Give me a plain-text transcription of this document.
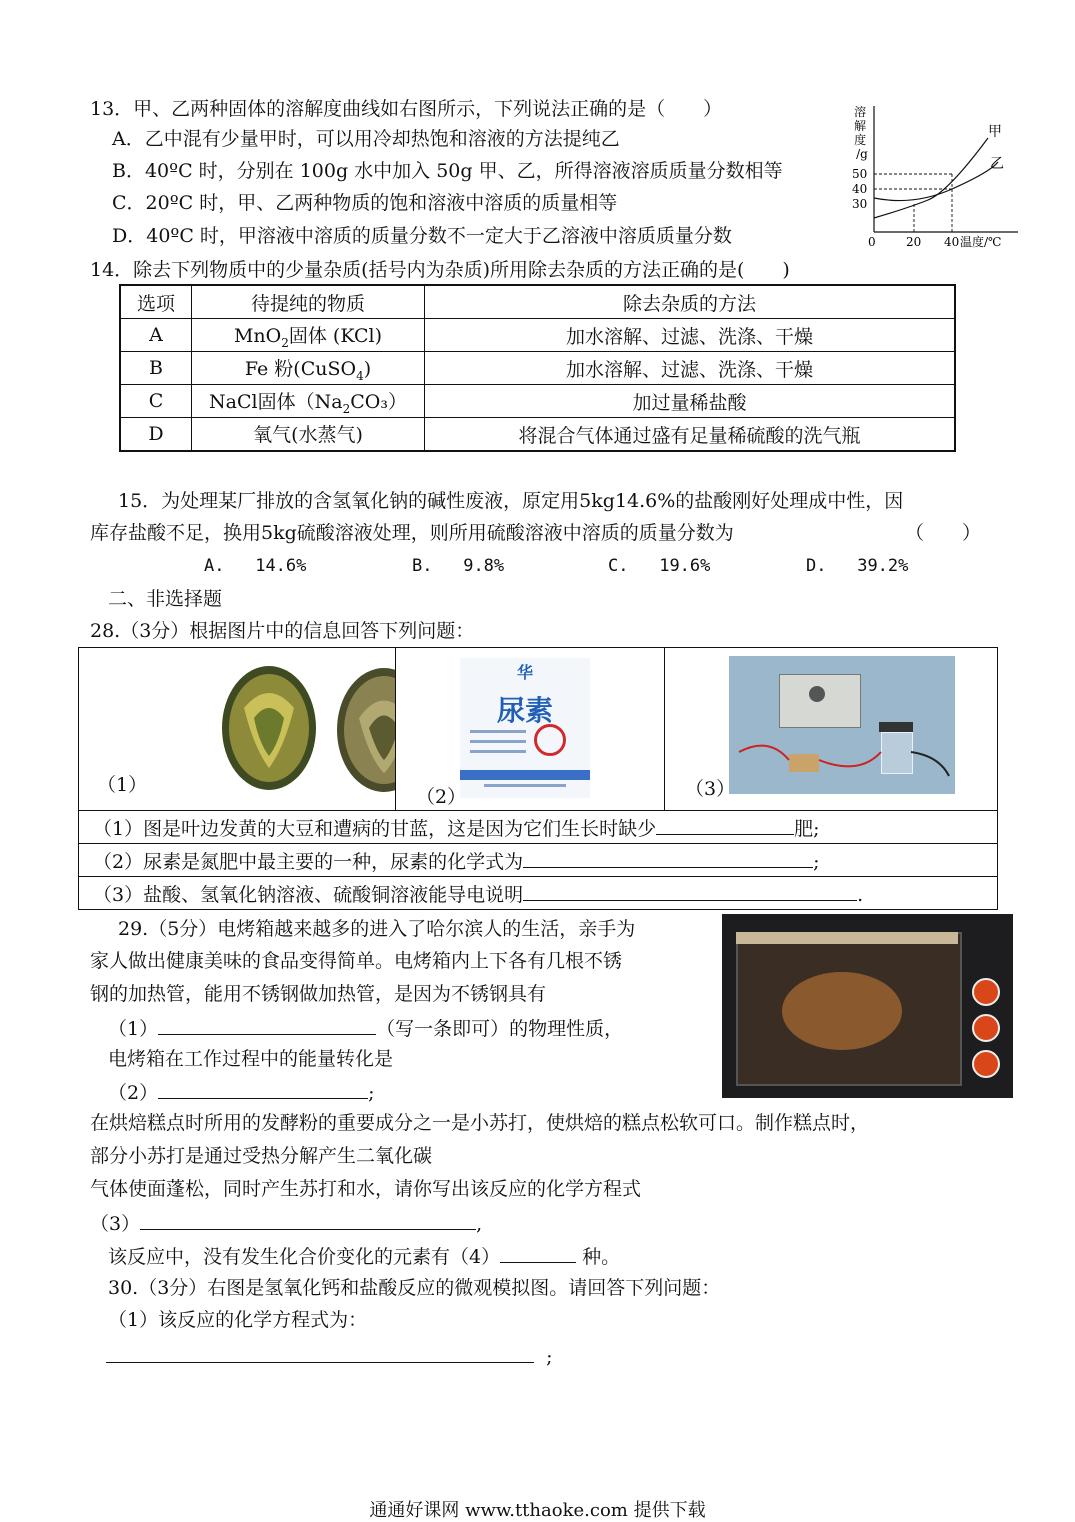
13．甲、乙两种固体的溶解度曲线如右图所示，下列说法正确的是（　　）
A．乙中混有少量甲时，可以用冷却热饱和溶液的方法提纯乙
B．40ºC 时，分别在 100g 水中加入 50g 甲、乙，所得溶液溶质质量分数相等
C．20ºC 时，甲、乙两种物质的饱和溶液中溶质的质量相等
D．40ºC 时，甲溶液中溶质的质量分数不一定大于乙溶液中溶质质量分数
溶 解 度 /g
50
40
30
0	20 40 温度/℃
甲
乙
14．除去下列物质中的少量杂质(括号内为杂质)所用除去杂质的方法正确的是(　　)
选项	待提纯的物质	除去杂质的方法
A	MnO$_2$固体 (KCl)	加水溶解、过滤、洗涤、干燥
B	Fe 粉(CuSO$_4$)	加水溶解、过滤、洗涤、干燥
C	NaCl固体$(Na_2CO_3)$	加过量稀盐酸
D	氧气(水蒸气)	将混合气体通过盛有足量稀硫酸的洗气瓶
15．为处理某厂排放的含氢氧化钠的碱性废液，原定用5kg14.6%的盐酸刚好处理成中性，因
库存盐酸不足，换用5kg硫酸溶液处理，则所用硫酸溶液中溶质的质量分数为	（　　）
A. 14.6%	B. 9.8%	C. 19.6%	D. 39.2%
二、非选择题
28.（3分）根据图片中的信息回答下列问题：
（1）

华
尿素
（2）	（3）

（1）图是叶边发黄的大豆和遭病的甘蓝，这是因为它们生长时缺少	肥;
（2）尿素是氮肥中最主要的一种，尿素的化学式为	;
（3）盐酸、氢氧化钠溶液、硫酸铜溶液能导电说明	.
29.（5分）电烤箱越来越多的进入了哈尔滨人的生活，亲手为
家人做出健康美味的食品变得简单。电烤箱内上下各有几根不锈
钢的加热管，能用不锈钢做加热管，是因为不锈钢具有
（1）	（写一条即可）的物理性质，
电烤箱在工作过程中的能量转化是
（2）	;
在烘焙糕点时所用的发酵粉的重要成分之一是小苏打，使烘焙的糕点松软可口。制作糕点时，
部分小苏打是通过受热分解产生二氧化碳
气体使面蓬松，同时产生苏打和水，请你写出该反应的化学方程式
（3）	,
该反应中，没有发生化合价变化的元素有（4）	种。
30.（3分）右图是氢氧化钙和盐酸反应的微观模拟图。请回答下列问题：
（1）该反应的化学方程式为：
;
通通好课网 www.tthaoke.com 提供下载
